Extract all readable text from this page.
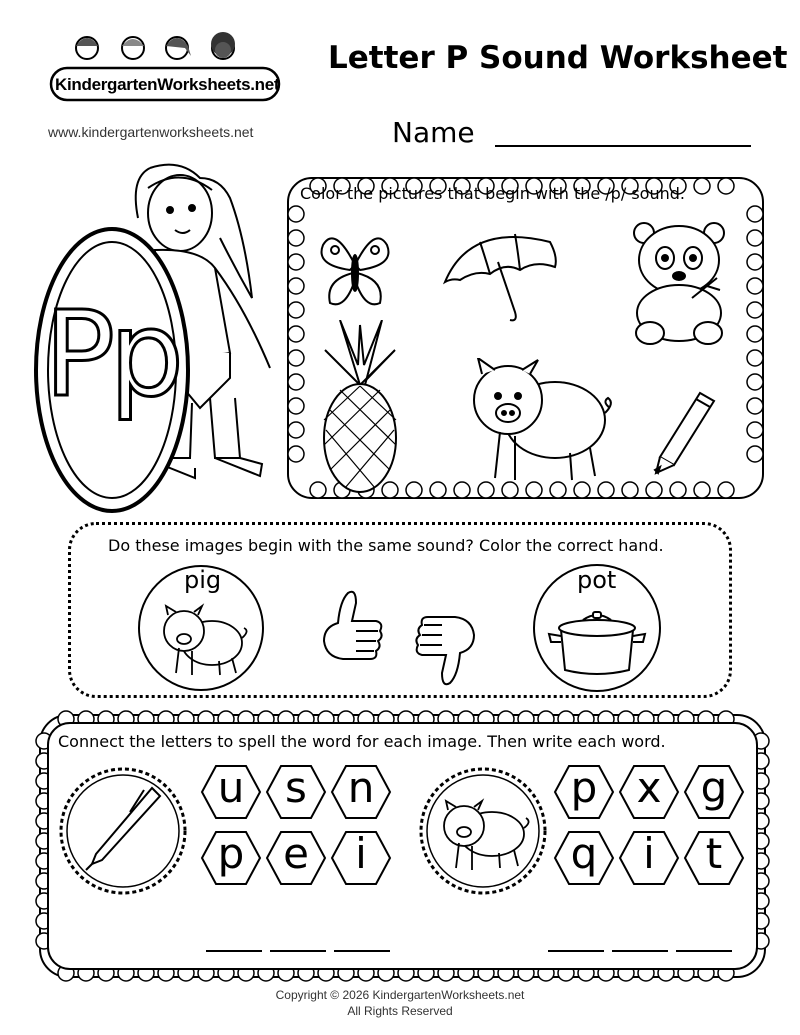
KindergartenWorksheets.net
www.kindergartenworksheets.net
Letter P Sound Worksheet
Name
Pp
Color the pictures that begin with the /p/ sound.
Do these images begin with the same sound? Color the correct hand.
pig	pot
Connect the letters to spell the word for each image. Then write each word.
u s n
p e	i
p x g
q	i	t
Copyright © 2026 KindergartenWorksheets.net
All Rights Reserved
